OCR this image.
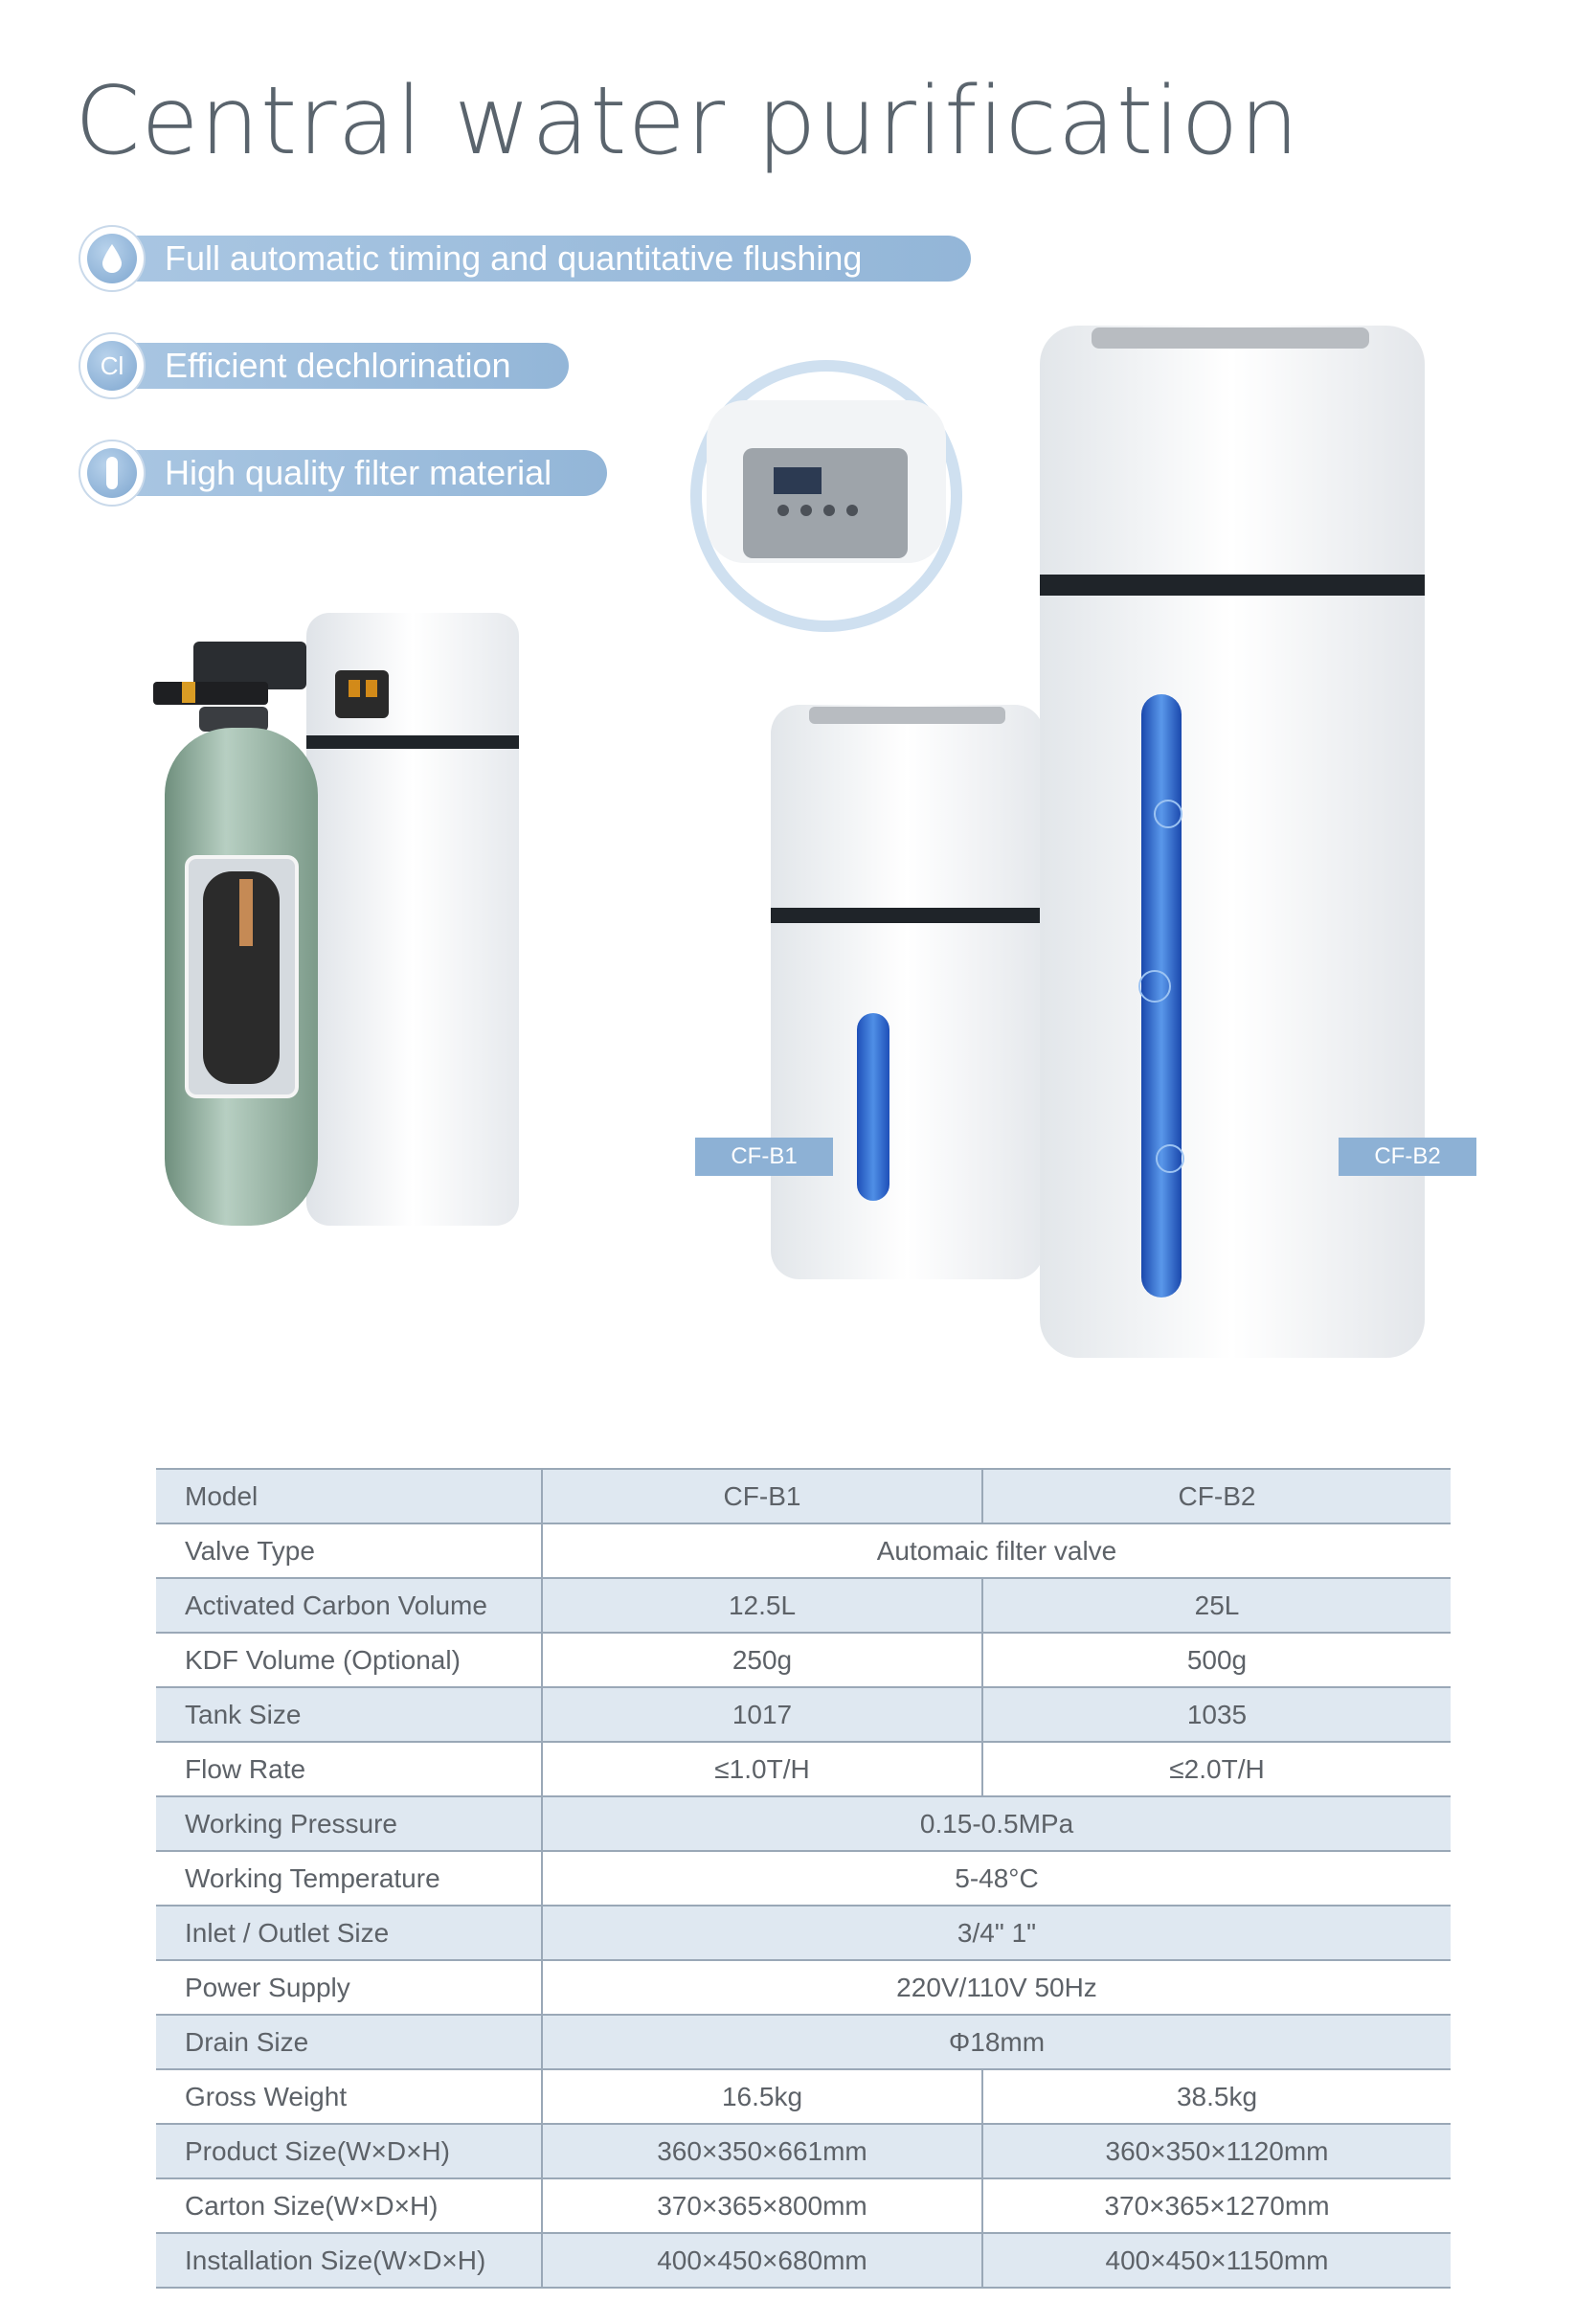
Central water purification
Full automatic timing and quantitative flushing
Cl Efficient dechlorination
High quality filter material
CF-B1	CF-B2
Model	CF-B1	CF-B2
Valve Type	Automaic filter valve	
Activated Carbon Volume	12.5L	25L
KDF Volume (Optional)	250g	500g
Tank Size	1017	1035
Flow Rate	≤1.0T/H	≤2.0T/H
Working Pressure	0.15-0.5MPa	
Working Temperature	5-48°C	
Inlet / Outlet Size	3/4" 1"	
Power Supply	220V/110V 50Hz	
Drain Size	Φ18mm	
Gross Weight	16.5kg	38.5kg
Product Size(W×D×H)	360×350×661mm	360×350×1120mm
Carton Size(W×D×H)	370×365×800mm	370×365×1270mm
Installation Size(W×D×H)	400×450×680mm	400×450×1150mm
